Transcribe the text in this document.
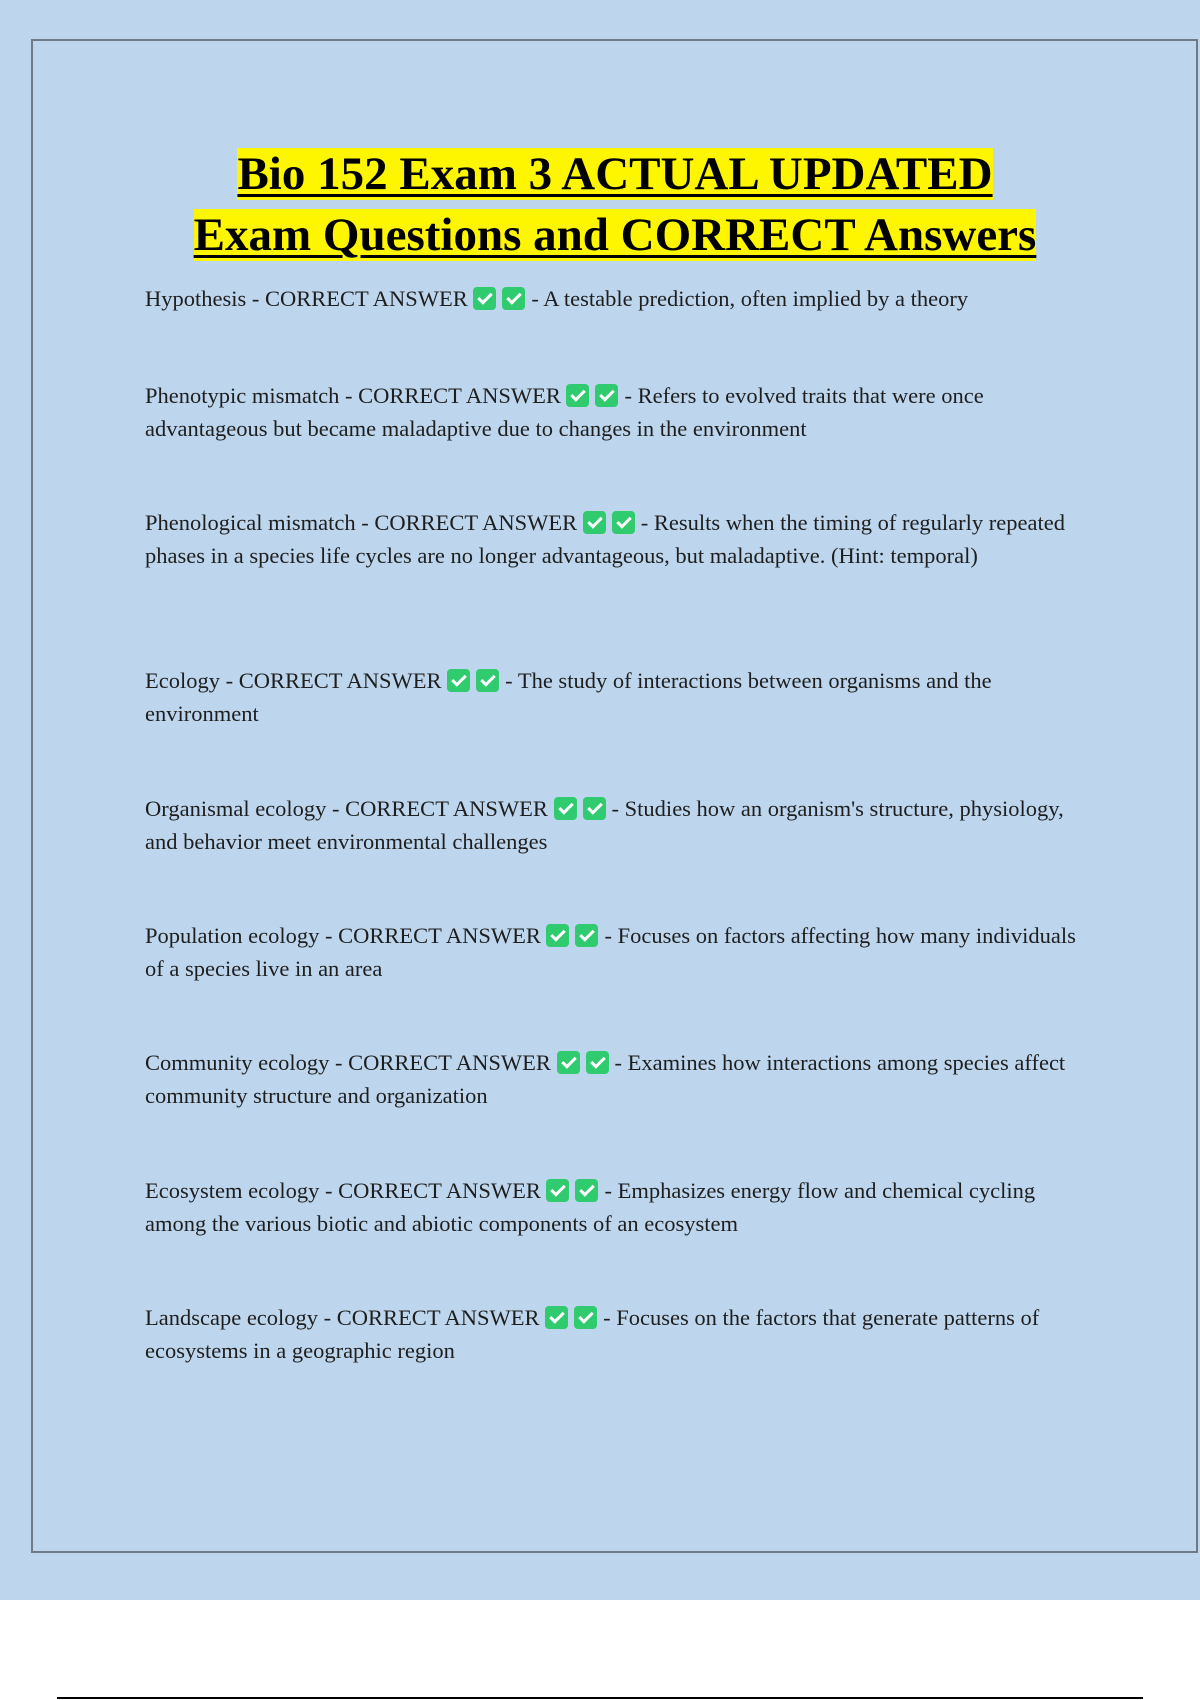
Bio 152 Exam 3 ACTUAL UPDATED
Exam Questions and CORRECT Answers

Hypothesis - CORRECT ANSWER	- A testable prediction, often implied by a theory

Phenotypic mismatch - CORRECT ANSWER	- Refers to evolved traits that were once advantageous but became maladaptive due to changes in the environment

Phenological mismatch - CORRECT ANSWER	- Results when the timing of regularly repeated phases in a species life cycles are no longer advantageous, but maladaptive. (Hint: temporal)

Ecology - CORRECT ANSWER	- The study of interactions between organisms and the environment

Organismal ecology - CORRECT ANSWER	- Studies how an organism's structure, physiology, and behavior meet environmental challenges

Population ecology - CORRECT ANSWER	- Focuses on factors affecting how many individuals of a species live in an area

Community ecology - CORRECT ANSWER	- Examines how interactions among species affect community structure and organization

Ecosystem ecology - CORRECT ANSWER	- Emphasizes energy flow and chemical cycling among the various biotic and abiotic components of an ecosystem

Landscape ecology - CORRECT ANSWER	- Focuses on the factors that generate patterns of ecosystems in a geographic region
